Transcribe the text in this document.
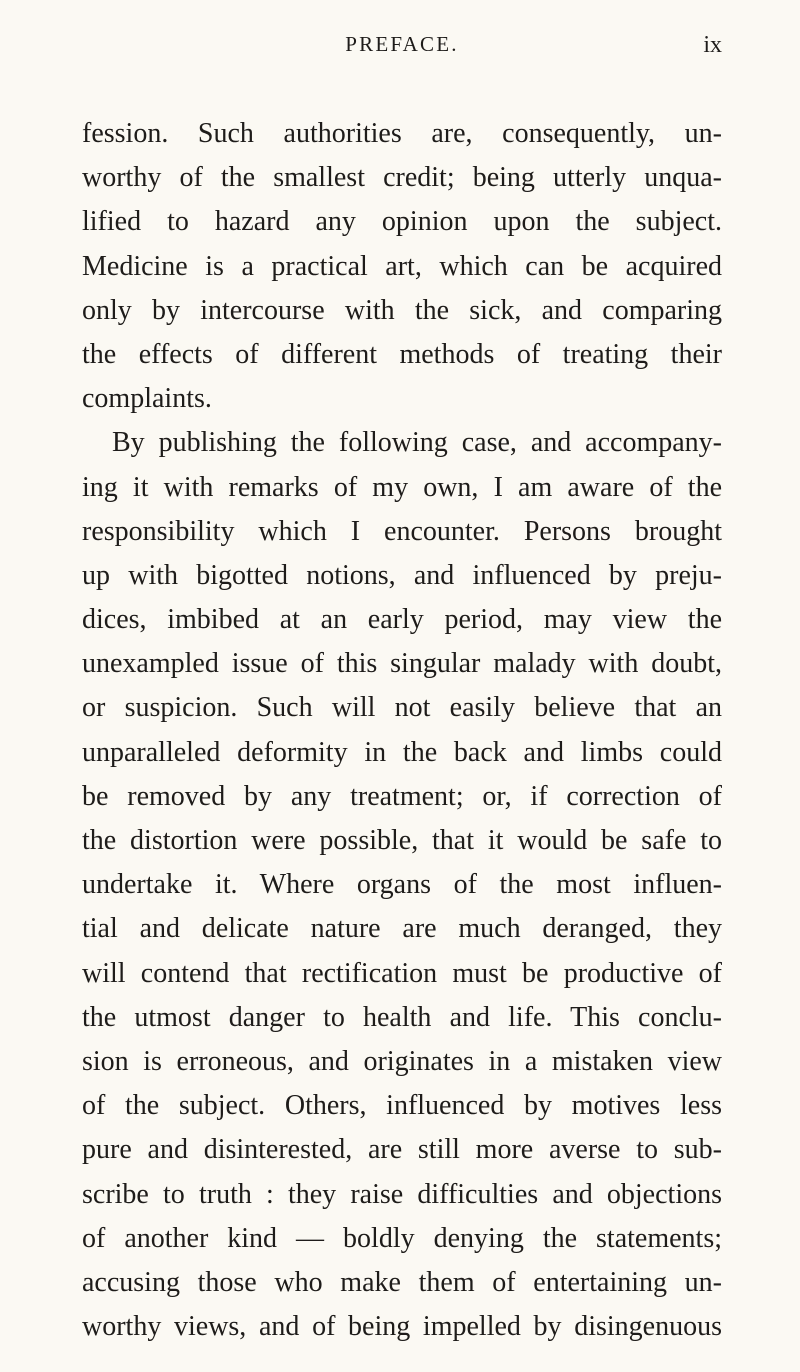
PREFACE.	ix
fession. Such authorities are, consequently, un-
worthy of the smallest credit; being utterly unqua-
lified to hazard any opinion upon the subject.
Medicine is a practical art, which can be acquired
only by intercourse with the sick, and comparing
the effects of different methods of treating their
complaints.
By publishing the following case, and accompany-
ing it with remarks of my own, I am aware of the
responsibility which I encounter. Persons brought
up with bigotted notions, and influenced by preju-
dices, imbibed at an early period, may view the
unexampled issue of this singular malady with doubt,
or suspicion. Such will not easily believe that an
unparalleled deformity in the back and limbs could
be removed by any treatment; or, if correction of
the distortion were possible, that it would be safe to
undertake it. Where organs of the most influen-
tial and delicate nature are much deranged, they
will contend that rectification must be productive of
the utmost danger to health and life. This conclu-
sion is erroneous, and originates in a mistaken view
of the subject. Others, influenced by motives less
pure and disinterested, are still more averse to sub-
scribe to truth : they raise difficulties and objections
of another kind — boldly denying the statements;
accusing those who make them of entertaining un-
worthy views, and of being impelled by disingenuous
